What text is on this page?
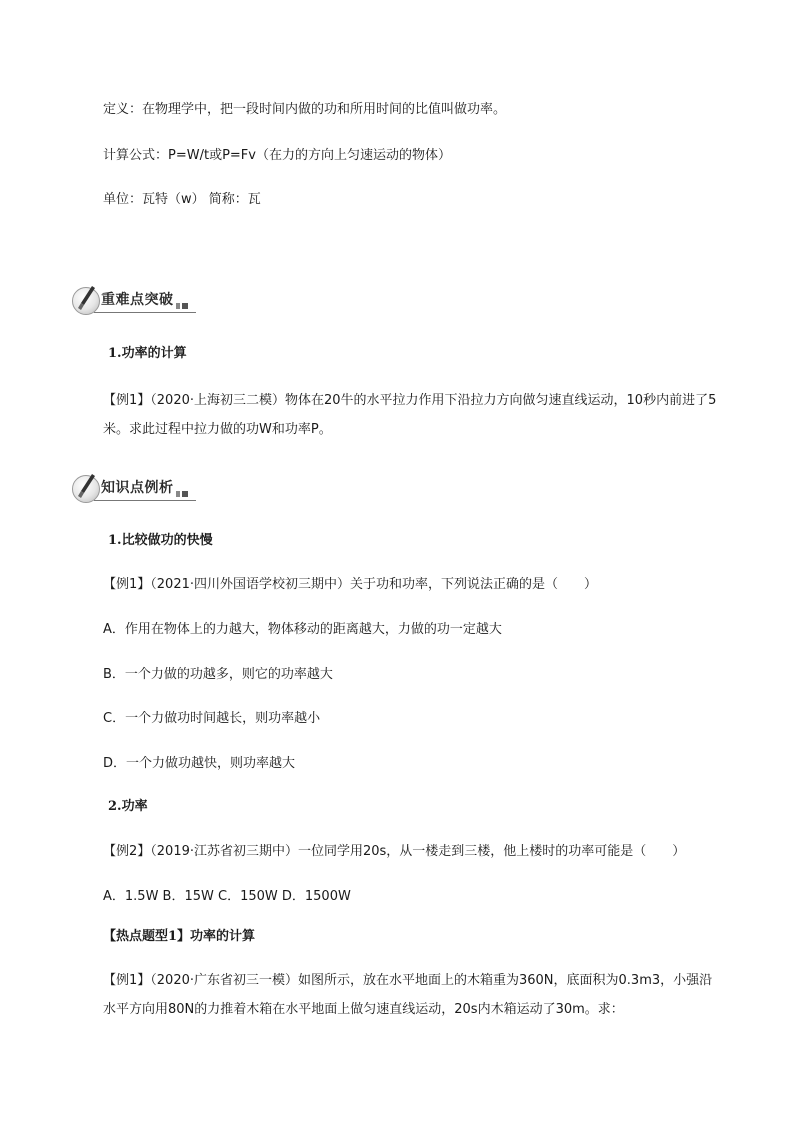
定义：在物理学中，把一段时间内做的功和所用时间的比值叫做功率。
计算公式：P=W/t或P=Fv（在力的方向上匀速运动的物体）
单位：瓦特（w） 简称：瓦
重难点突破
1.功率的计算
【例1】（2020·上海初三二模）物体在20牛的水平拉力作用下沿拉力方向做匀速直线运动，10秒内前进了5米。求此过程中拉力做的功W和功率P。
知识点例析
1.比较做功的快慢
【例1】（2021·四川外国语学校初三期中）关于功和功率，下列说法正确的是（　　）
A．作用在物体上的力越大，物体移动的距离越大，力做的功一定越大
B．一个力做的功越多，则它的功率越大
C．一个力做功时间越长，则功率越小
D．一个力做功越快，则功率越大
2.功率
【例2】（2019·江苏省初三期中）一位同学用20s，从一楼走到三楼，他上楼时的功率可能是（　　）
A．1.5W B．15W C．150W D．1500W
【热点题型1】功率的计算
【例1】（2020·广东省初三一模）如图所示，放在水平地面上的木箱重为360N，底面积为0.3m3，小强沿水平方向用80N的力推着木箱在水平地面上做匀速直线运动，20s内木箱运动了30m。求：
